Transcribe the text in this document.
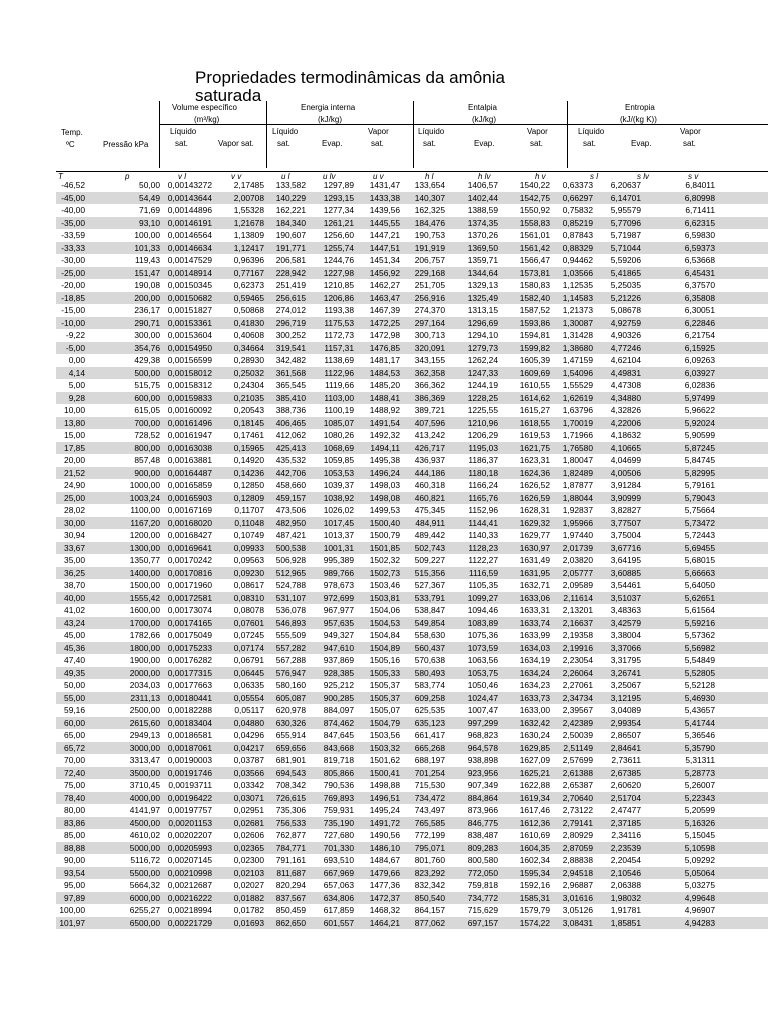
Propriedades termodinâmicas da amônia
saturada
Temp.
ºC	Pressão kPa
Volume específico
(m³/kg)
Líquido
sat.	Vapor sat.
Energia interna
(kJ/kg)
Líquido
sat.	Evap.
Vapor
sat.
Entalpia
(kJ/kg)
Líquido
sat.	Evap.
Vapor
sat.
Entropia
(kJ/(kg K))
Líquido
sat.	Evap.
Vapor
sat.
T	p	v l	v v	u l	u lv	u v	h l	h lv	h v	s l	s lv	s v
-46,52	50,00 0,00143272	2,17485 133,582 1297,89 1431,47 133,654	1406,57	1540,22 0,63373 6,20637	6,84011
-45,00	54,49 0,00143644	2,00708 140,229 1293,15 1433,38 140,307	1402,44	1542,75 0,66297 6,14701	6,80998
-40,00	71,69 0,00144896	1,55328 162,221 1277,34 1439,56 162,325	1388,59	1550,92 0,75832 5,95579	6,71411
-35,00	93,10 0,00146191	1,21678 184,340 1261,21 1445,55 184,476	1374,35	1558,83 0,85219 5,77096	6,62315
-33,59	100,00 0,00146564	1,13809 190,607 1256,60 1447,21 190,753	1370,26	1561,01 0,87843 5,71987	6,59830
-33,33	101,33 0,00146634	1,12417 191,771 1255,74 1447,51 191,919	1369,50	1561,42 0,88329 5,71044	6,59373
-30,00	119,43 0,00147529	0,96396 206,581 1244,76 1451,34 206,757	1359,71	1566,47 0,94462 5,59206	6,53668
-25,00	151,47 0,00148914	0,77167 228,942 1227,98 1456,92 229,168	1344,64	1573,81 1,03566 5,41865	6,45431
-20,00	190,08 0,00150345	0,62373 251,419 1210,85 1462,27 251,705	1329,13	1580,83 1,12535 5,25035	6,37570
-18,85	200,00 0,00150682	0,59465 256,615 1206,86 1463,47 256,916	1325,49	1582,40 1,14583 5,21226	6,35808
-15,00	236,17 0,00151827	0,50868 274,012 1193,38 1467,39 274,370	1313,15	1587,52 1,21373 5,08678	6,30051
-10,00	290,71 0,00153361	0,41830 296,719 1175,53 1472,25 297,164	1296,69	1593,86 1,30087 4,92759	6,22846
-9,22	300,00 0,00153604	0,40608 300,252 1172,73 1472,98 300,713	1294,10	1594,81 1,31428 4,90326	6,21754
-5,00	354,76 0,00154950	0,34664 319,541 1157,31 1476,85 320,091	1279,73	1599,82 1,38680 4,77246	6,15925
0,00	429,38 0,00156599	0,28930 342,482 1138,69 1481,17 343,155	1262,24	1605,39 1,47159 4,62104	6,09263
4,14	500,00 0,00158012	0,25032 361,568 1122,96 1484,53 362,358	1247,33	1609,69 1,54096 4,49831	6,03927
5,00	515,75 0,00158312	0,24304 365,545 1119,66 1485,20 366,362	1244,19	1610,55 1,55529 4,47308	6,02836
9,28	600,00 0,00159833	0,21035 385,410 1103,00 1488,41 386,369	1228,25	1614,62 1,62619 4,34880	5,97499
10,00	615,05 0,00160092	0,20543 388,736 1100,19 1488,92 389,721	1225,55	1615,27 1,63796 4,32826	5,96622
13,80	700,00 0,00161496	0,18145 406,465 1085,07 1491,54 407,596	1210,96	1618,55 1,70019 4,22006	5,92024
15,00	728,52 0,00161947	0,17461 412,062 1080,26 1492,32 413,242	1206,29	1619,53 1,71966 4,18632	5,90599
17,85	800,00 0,00163038	0,15965 425,413 1068,69 1494,11 426,717	1195,03	1621,75 1,76580 4,10665	5,87245
20,00	857,48 0,00163881	0,14920 435,532 1059,85 1495,38 436,937	1186,37	1623,31 1,80047 4,04699	5,84745
21,52	900,00 0,00164487	0,14236 442,706 1053,53 1496,24 444,186	1180,18	1624,36 1,82489 4,00506	5,82995
24,90	1000,00 0,00165859	0,12850 458,660 1039,37 1498,03 460,318	1166,24	1626,52 1,87877 3,91284	5,79161
25,00	1003,24 0,00165903	0,12809 459,157 1038,92 1498,08 460,821	1165,76	1626,59 1,88044 3,90999	5,79043
28,02	1100,00 0,00167169	0,11707 473,506 1026,02 1499,53 475,345	1152,96	1628,31 1,92837 3,82827	5,75664
30,00	1167,20 0,00168020	0,11048 482,950 1017,45 1500,40 484,911	1144,41	1629,32 1,95966 3,77507	5,73472
30,94	1200,00 0,00168427	0,10749 487,421 1013,37 1500,79 489,442	1140,33	1629,77 1,97440 3,75004	5,72443
33,67	1300,00 0,00169641	0,09933 500,538 1001,31 1501,85 502,743	1128,23	1630,97 2,01739 3,67716	5,69455
35,00	1350,77 0,00170242	0,09563 506,928 995,389 1502,32 509,227	1122,27	1631,49 2,03820 3,64195	5,68015
36,25	1400,00 0,00170816	0,09230 512,965 989,766 1502,73 515,356	1116,59	1631,95 2,05777 3,60885	5,66663
38,70	1500,00 0,00171960	0,08617 524,788 978,673 1503,46 527,367	1105,35	1632,71 2,09589 3,54461	5,64050
40,00	1555,42 0,00172581	0,08310 531,107 972,699 1503,81 533,791	1099,27	1633,06 2,11614 3,51037	5,62651
41,02	1600,00 0,00173074	0,08078 536,078 967,977 1504,06 538,847	1094,46	1633,31 2,13201 3,48363	5,61564
43,24	1700,00 0,00174165	0,07601 546,893 957,635 1504,53 549,854	1083,89	1633,74 2,16637 3,42579	5,59216
45,00	1782,66 0,00175049	0,07245 555,509 949,327 1504,84 558,630	1075,36	1633,99 2,19358 3,38004	5,57362
45,36	1800,00 0,00175233	0,07174 557,282 947,610 1504,89 560,437	1073,59	1634,03 2,19916 3,37066	5,56982
47,40	1900,00 0,00176282	0,06791 567,288 937,869 1505,16 570,638	1063,56	1634,19 2,23054 3,31795	5,54849
49,35	2000,00 0,00177315	0,06445 576,947 928,385 1505,33 580,493	1053,75	1634,24 2,26064 3,26741	5,52805
50,00	2034,03 0,00177663	0,06335 580,160 925,212 1505,37 583,774	1050,46	1634,23 2,27061 3,25067	5,52128
55,00	2311,13 0,00180441	0,05554 605,087 900,285 1505,37 609,258	1024,47	1633,73 2,34734 3,12195	5,46930
59,16	2500,00 0,00182288	0,05117 620,978 884,097 1505,07 625,535	1007,47	1633,00 2,39567 3,04089	5,43657
60,00	2615,60 0,00183404	0,04880 630,326 874,462 1504,79 635,123	997,299	1632,42 2,42389 2,99354	5,41744
65,00	2949,13 0,00186581	0,04296 655,914 847,645 1503,56 661,417	968,823	1630,24 2,50039 2,86507	5,36546
65,72	3000,00 0,00187061	0,04217 659,656 843,668 1503,32 665,268	964,578	1629,85 2,51149 2,84641	5,35790
70,00	3313,47 0,00190003	0,03787 681,901 819,718 1501,62 688,197	938,898	1627,09 2,57699 2,73611	5,31311
72,40	3500,00 0,00191746	0,03566 694,543 805,866 1500,41 701,254	923,956	1625,21 2,61388 2,67385	5,28773
75,00	3710,45 0,00193711	0,03342 708,342 790,536 1498,88 715,530	907,349	1622,88 2,65387 2,60620	5,26007
78,40	4000,00 0,00196422	0,03071 726,615 769,893 1496,51 734,472	884,864	1619,34 2,70640 2,51704	5,22343
80,00	4141,97 0,00197757	0,02951 735,306 759,931 1495,24 743,497	873,966	1617,46 2,73122 2,47477	5,20599
83,86	4500,00 0,00201153	0,02681 756,533 735,190 1491,72 765,585	846,775	1612,36 2,79141 2,37185	5,16326
85,00	4610,02 0,00202207	0,02606 762,877 727,680 1490,56 772,199	838,487	1610,69 2,80929 2,34116	5,15045
88,88	5000,00 0,00205993	0,02365 784,771 701,330 1486,10 795,071	809,283	1604,35 2,87059 2,23539	5,10598
90,00	5116,72 0,00207145	0,02300 791,161 693,510 1484,67 801,760	800,580	1602,34 2,88838 2,20454	5,09292
93,54	5500,00 0,00210998	0,02103 811,687 667,969 1479,66 823,292	772,050	1595,34 2,94518 2,10546	5,05064
95,00	5664,32 0,00212687	0,02027 820,294 657,063 1477,36 832,342	759,818	1592,16 2,96887 2,06388	5,03275
97,89	6000,00 0,00216222	0,01882 837,567 634,806 1472,37 850,540	734,772	1585,31 3,01616 1,98032	4,99648
100,00	6255,27 0,00218994	0,01782 850,459 617,859 1468,32 864,157	715,629	1579,79 3,05126 1,91781	4,96907
101,97	6500,00 0,00221729	0,01693 862,650 601,557 1464,21 877,062	697,157	1574,22 3,08431 1,85851	4,94283
